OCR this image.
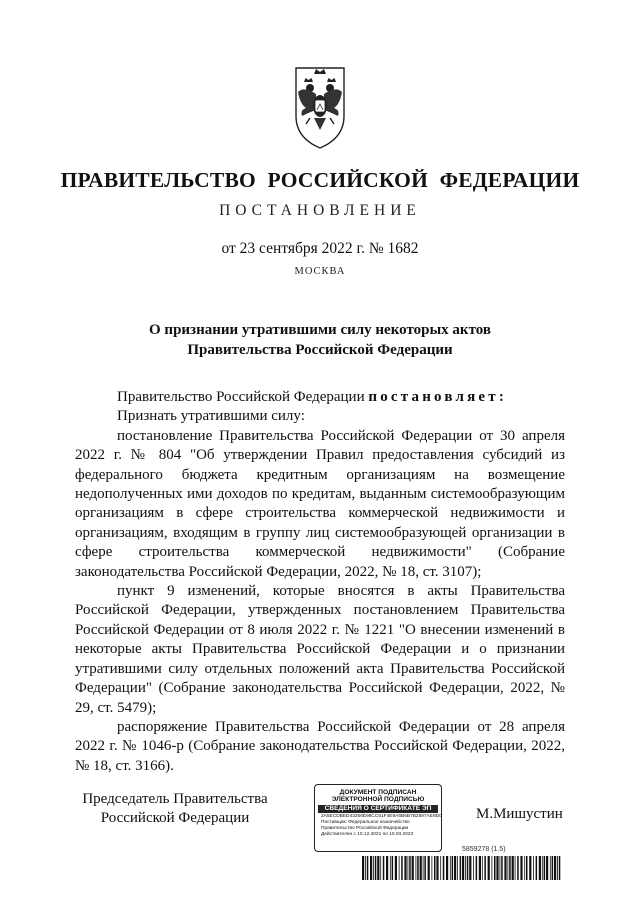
ПРАВИТЕЛЬСТВО РОССИЙСКОЙ ФЕДЕРАЦИИ
ПОСТАНОВЛЕНИЕ
от 23 сентября 2022 г. № 1682
МОСКВА
О признании утратившими силу некоторых актов
Правительства Российской Федерации

Правительство Российской Федерации постановляет:

Признать утратившими силу:

постановление Правительства Российской Федерации от 30 апреля 2022 г. № 804 "Об утверждении Правил предоставления субсидий из федерального бюджета кредитным организациям на возмещение недополученных ими доходов по кредитам, выданным системообразующим организациям в сфере строительства коммерческой недвижимости и организациям, входящим в группу лиц системообразующей организации в сфере строительства коммерческой недвижимости" (Собрание законодательства Российской Федерации, 2022, № 18, ст. 3107);

пункт 9 изменений, которые вносятся в акты Правительства Российской Федерации, утвержденных постановлением Правительства Российской Федерации от 8 июля 2022 г. № 1221 "О внесении изменений в некоторые акты Правительства Российской Федерации и о признании утратившими силу отдельных положений акта Правительства Российской Федерации" (Собрание законодательства Российской Федерации, 2022, № 29, ст. 5479);

распоряжение Правительства Российской Федерации от 28 апреля 2022 г. № 1046-р (Собрание законодательства Российской Федерации, 2022, № 18, ст. 3166).

Председатель Правительства
Российской Федерации
ДОКУМЕНТ ПОДПИСАН
ЭЛЕКТРОННОЙ ПОДПИСЬЮ
СВЕДЕНИЯ О СЕРТИФИКАТЕ ЭП
2A5ECDBED43256E98CC61F4E9A6B6B7B2597AE9D0
Поставщик: Федеральное казначейство
Правительство Российской Федерации
Действителен с 10.12.2021 по 10.03.2023
М.Мишустин
5859278 (1.5)
